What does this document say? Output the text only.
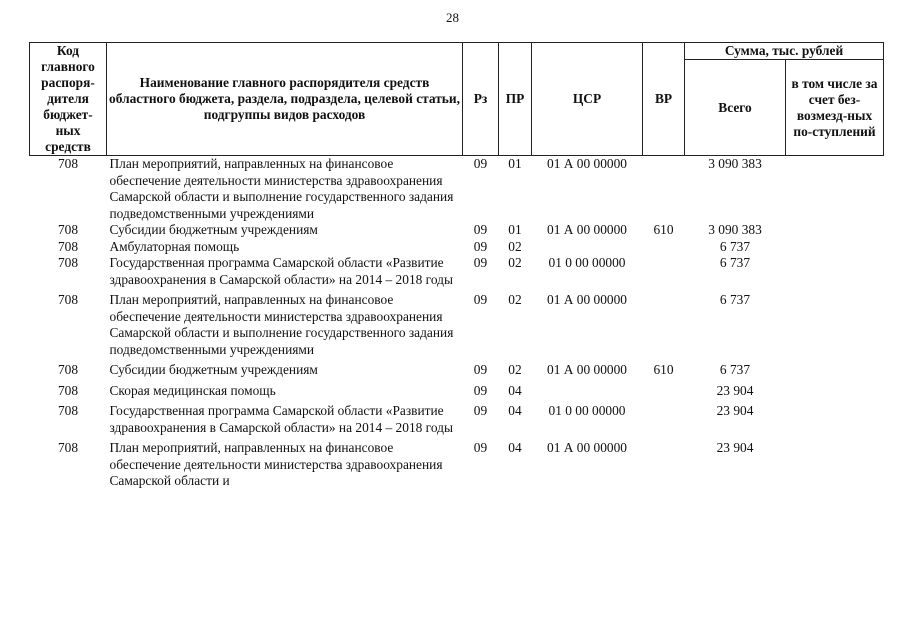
28
Код главного распоря-дителя бюджет-ных средств	Наименование главного распорядителя средств областного бюджета, раздела, подраздела, целевой статьи, подгруппы видов расходов	Рз	ПР	ЦСР	ВР	Сумма, тыс. рублей	
						Всего	в том числе за счет без-возмезд-ных по-ступлений
708	План мероприятий, направленных на финансовое обеспечение деятельности министерства здравоохранения Самарской области и выполнение государственного задания подведомственными учреждениями	09	01	01 А 00 00000		3 090 383	
708	Субсидии бюджетным учреждениям	09	01	01 А 00 00000	610	3 090 383	
708	Амбулаторная помощь	09	02			6 737	
708	Государственная программа Самарской области «Развитие здравоохранения в Самарской области» на 2014 – 2018 годы	09	02	01 0 00 00000		6 737	
708	План мероприятий, направленных на финансовое обеспечение деятельности министерства здравоохранения Самарской области и выполнение государственного задания подведомственными учреждениями	09	02	01 А 00 00000		6 737	
708	Субсидии бюджетным учреждениям	09	02	01 А 00 00000	610	6 737	
708	Скорая медицинская помощь	09	04			23 904	
708	Государственная программа Самарской области «Развитие здравоохранения в Самарской области» на 2014 – 2018 годы	09	04	01 0 00 00000		23 904	
708	План мероприятий, направленных на финансовое обеспечение деятельности министерства здравоохранения Самарской области и	09	04	01 А 00 00000		23 904	
